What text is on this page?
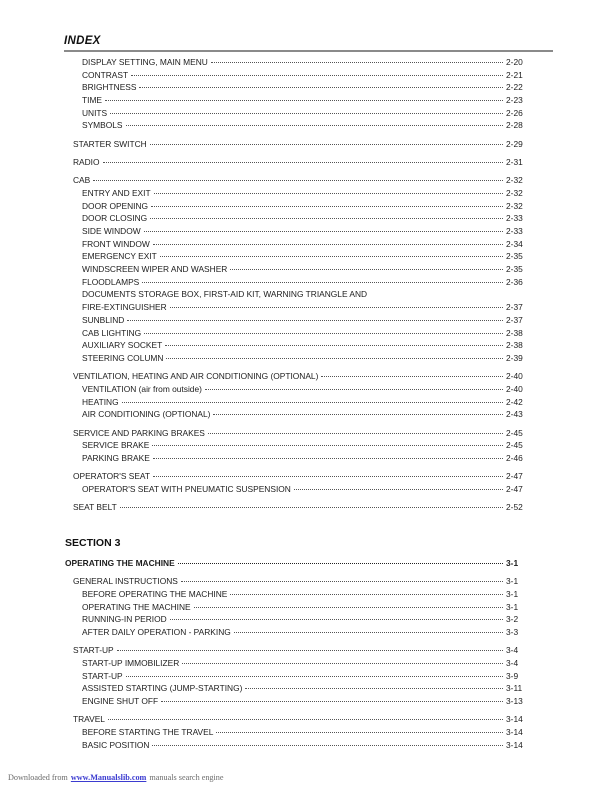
INDEX
DISPLAY SETTING, MAIN MENU	2-20
CONTRAST	2-21
BRIGHTNESS	2-22
TIME	2-23
UNITS	2-26
SYMBOLS	2-28
STARTER SWITCH	2-29
RADIO	2-31
CAB	2-32
ENTRY AND EXIT	2-32
DOOR OPENING	2-32
DOOR CLOSING	2-33
SIDE WINDOW	2-33
FRONT WINDOW	2-34
EMERGENCY EXIT	2-35
WINDSCREEN WIPER AND WASHER	2-35
FLOODLAMPS	2-36
DOCUMENTS STORAGE BOX, FIRST-AID KIT, WARNING TRIANGLE AND
FIRE-EXTINGUISHER	2-37
SUNBLIND	2-37
CAB LIGHTING	2-38
AUXILIARY SOCKET	2-38
STEERING COLUMN	2-39
VENTILATION, HEATING AND AIR CONDITIONING (OPTIONAL)	2-40
VENTILATION (air from outside)	2-40
HEATING	2-42
AIR CONDITIONING (OPTIONAL)	2-43
SERVICE AND PARKING BRAKES	2-45
SERVICE BRAKE	2-45
PARKING BRAKE	2-46
OPERATOR'S SEAT	2-47
OPERATOR'S SEAT WITH PNEUMATIC SUSPENSION	2-47
SEAT BELT	2-52
SECTION 3
OPERATING THE MACHINE	3-1
GENERAL INSTRUCTIONS	3-1
BEFORE OPERATING THE MACHINE	3-1
OPERATING THE MACHINE	3-1
RUNNING-IN PERIOD	3-2
AFTER DAILY OPERATION - PARKING	3-3
START-UP	3-4
START-UP IMMOBILIZER	3-4
START-UP	3-9
ASSISTED STARTING (JUMP-STARTING)	3-11
ENGINE SHUT OFF	3-13
TRAVEL	3-14
BEFORE STARTING THE TRAVEL	3-14
BASIC POSITION	3-14
Downloaded from www.Manualslib.com manuals search engine
